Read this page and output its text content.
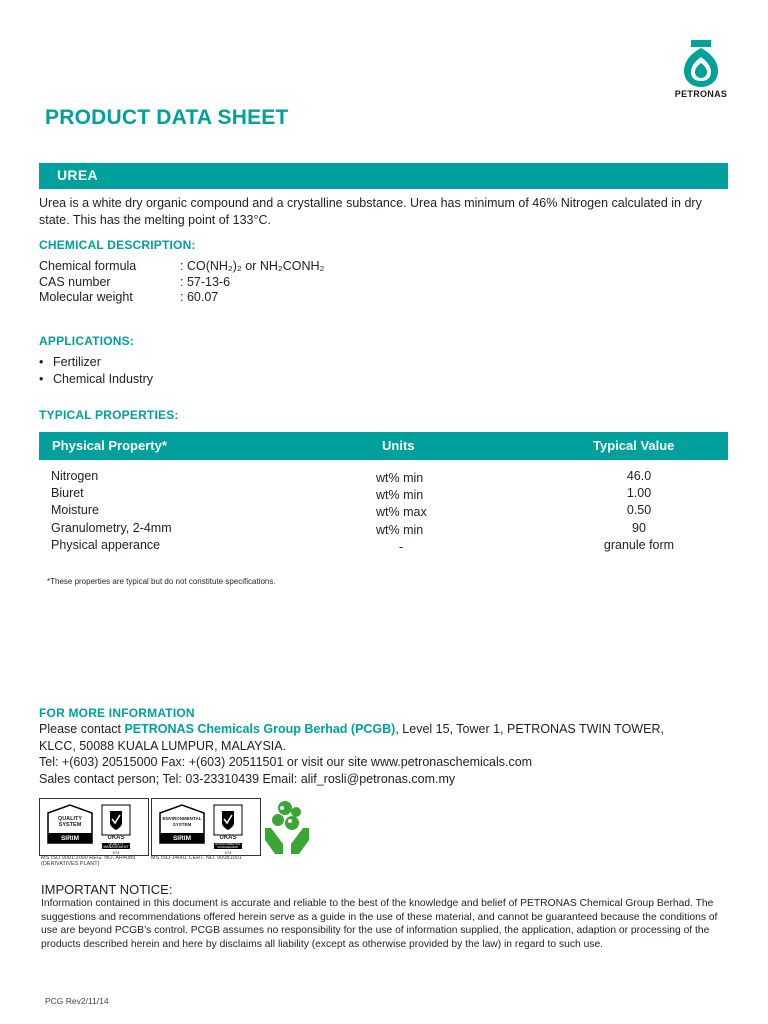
PETRONAS
PRODUCT DATA SHEET
UREA
Urea is a white dry organic compound and a crystalline substance. Urea has minimum of 46% Nitrogen calculated in dry state. This has the melting point of 133°C.
CHEMICAL DESCRIPTION:
Chemical formula	: CO(NH₂)₂ or NH₂CONH₂
CAS number	: 57-13-6
Molecular weight	: 60.07
APPLICATIONS:
• Fertilizer
• Chemical Industry
TYPICAL PROPERTIES:
Physical Property*	Units	Typical Value
Nitrogen	wt% min	46.0
Biuret	wt% min	1.00
Moisture	wt% max	0.50
Granulometry, 2-4mm	wt% min	90
Physical apperance	-	granule form
*These properties are typical but do not constitute specifications.
FOR MORE INFORMATION
Please contact PETRONAS Chemicals Group Berhad (PCGB), Level 15, Tower 1, PETRONAS TWIN TOWER,
KLCC, 50088 KUALA LUMPUR, MALAYSIA.
Tel: +(603) 20515000 Fax: +(603) 20511501 or visit our site www.petronaschemicals.com
Sales contact person; Tel: 03-23310439 Email: alif_rosli@petronas.com.my
QUALITY SYSTEM
SIRIM	UKAS
QUALITY MANAGEMENT
074
MS ISO 9001:2000 REG. NO. AR4089
(DERIVATIVES PLANT)
ENVIRONMENTAL SYSTEM
SIRIM	UKAS
ENVIRONMENTAL MANAGEMENT
074
MS ISO 14001 CERT. NO. 00081001
IMPORTANT NOTICE:
Information contained in this document is accurate and reliable to the best of the knowledge and belief of PETRONAS Chemical Group Berhad. The suggestions and recommendations offered herein serve as a guide in the use of these material, and cannot be guaranteed because the conditions of use are beyond PCGB’s control. PCGB assumes no responsibility for the use of information supplied, the application, adaption or processing of the products described herein and here by disclaims all liability (except as otherwise provided by the law) in regard to such use.
PCG Rev2/11/14
